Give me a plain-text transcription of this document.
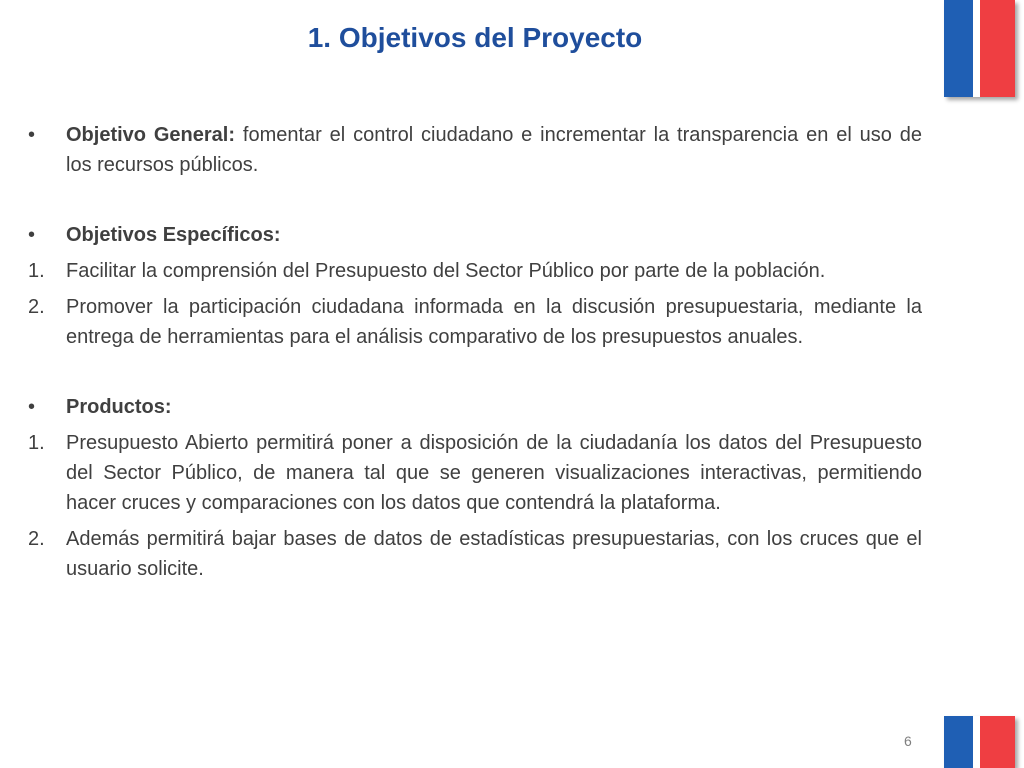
1. Objetivos del Proyecto
•	Objetivo General: fomentar el control ciudadano e incrementar la transparencia en el uso de los recursos públicos.
•	Objetivos Específicos:
1.	Facilitar la comprensión del Presupuesto del Sector Público por parte de la población.
2.	Promover la participación ciudadana informada en la discusión presupuestaria, mediante la entrega de herramientas para el análisis comparativo de los presupuestos anuales.
•	Productos:
1.	Presupuesto Abierto permitirá poner a disposición de la ciudadanía los datos del Presupuesto del Sector Público, de manera tal que se generen visualizaciones interactivas, permitiendo hacer cruces y comparaciones con los datos que contendrá la plataforma.
2.	Además permitirá bajar bases de datos de estadísticas presupuestarias, con los cruces que el usuario solicite.
6
